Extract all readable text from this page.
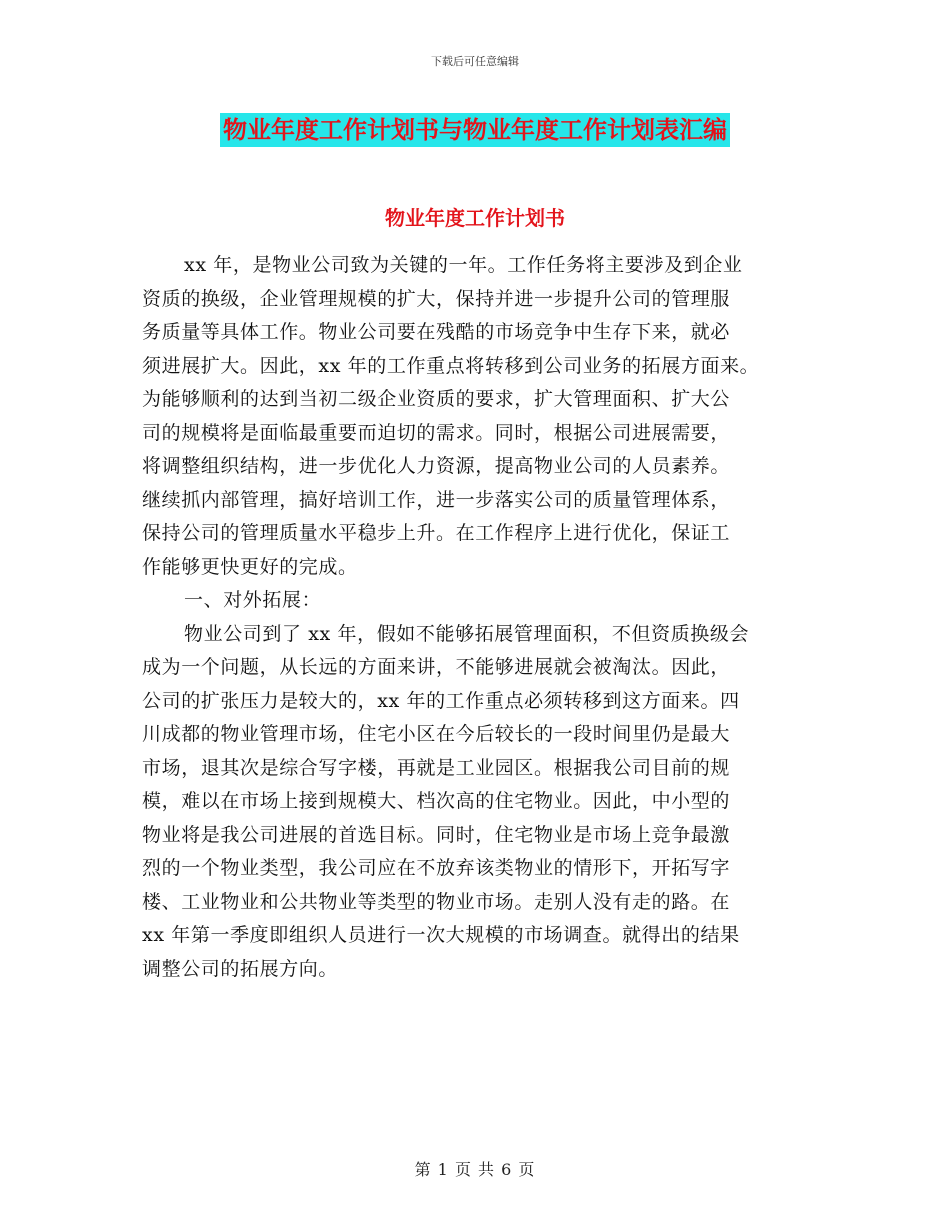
下载后可任意编辑
物业年度工作计划书与物业年度工作计划表汇编
物业年度工作计划书

xx 年，是物业公司致为关键的一年。工作任务将主要涉及到企业
资质的换级，企业管理规模的扩大，保持并进一步提升公司的管理服
务质量等具体工作。物业公司要在残酷的市场竞争中生存下来，就必
须进展扩大。因此，xx 年的工作重点将转移到公司业务的拓展方面来。
为能够顺利的达到当初二级企业资质的要求，扩大管理面积、扩大公
司的规模将是面临最重要而迫切的需求。同时，根据公司进展需要，
将调整组织结构，进一步优化人力资源，提高物业公司的人员素养。
继续抓内部管理，搞好培训工作，进一步落实公司的质量管理体系，
保持公司的管理质量水平稳步上升。在工作程序上进行优化，保证工
作能够更快更好的完成。

一、对外拓展：

物业公司到了 xx 年，假如不能够拓展管理面积，不但资质换级会
成为一个问题，从长远的方面来讲，不能够进展就会被淘汰。因此，
公司的扩张压力是较大的，xx 年的工作重点必须转移到这方面来。四
川成都的物业管理市场，住宅小区在今后较长的一段时间里仍是最大
市场，退其次是综合写字楼，再就是工业园区。根据我公司目前的规
模，难以在市场上接到规模大、档次高的住宅物业。因此，中小型的
物业将是我公司进展的首选目标。同时，住宅物业是市场上竞争最激
烈的一个物业类型，我公司应在不放弃该类物业的情形下，开拓写字
楼、工业物业和公共物业等类型的物业市场。走别人没有走的路。在
xx 年第一季度即组织人员进行一次大规模的市场调查。就得出的结果
调整公司的拓展方向。

第 1 页 共 6 页
